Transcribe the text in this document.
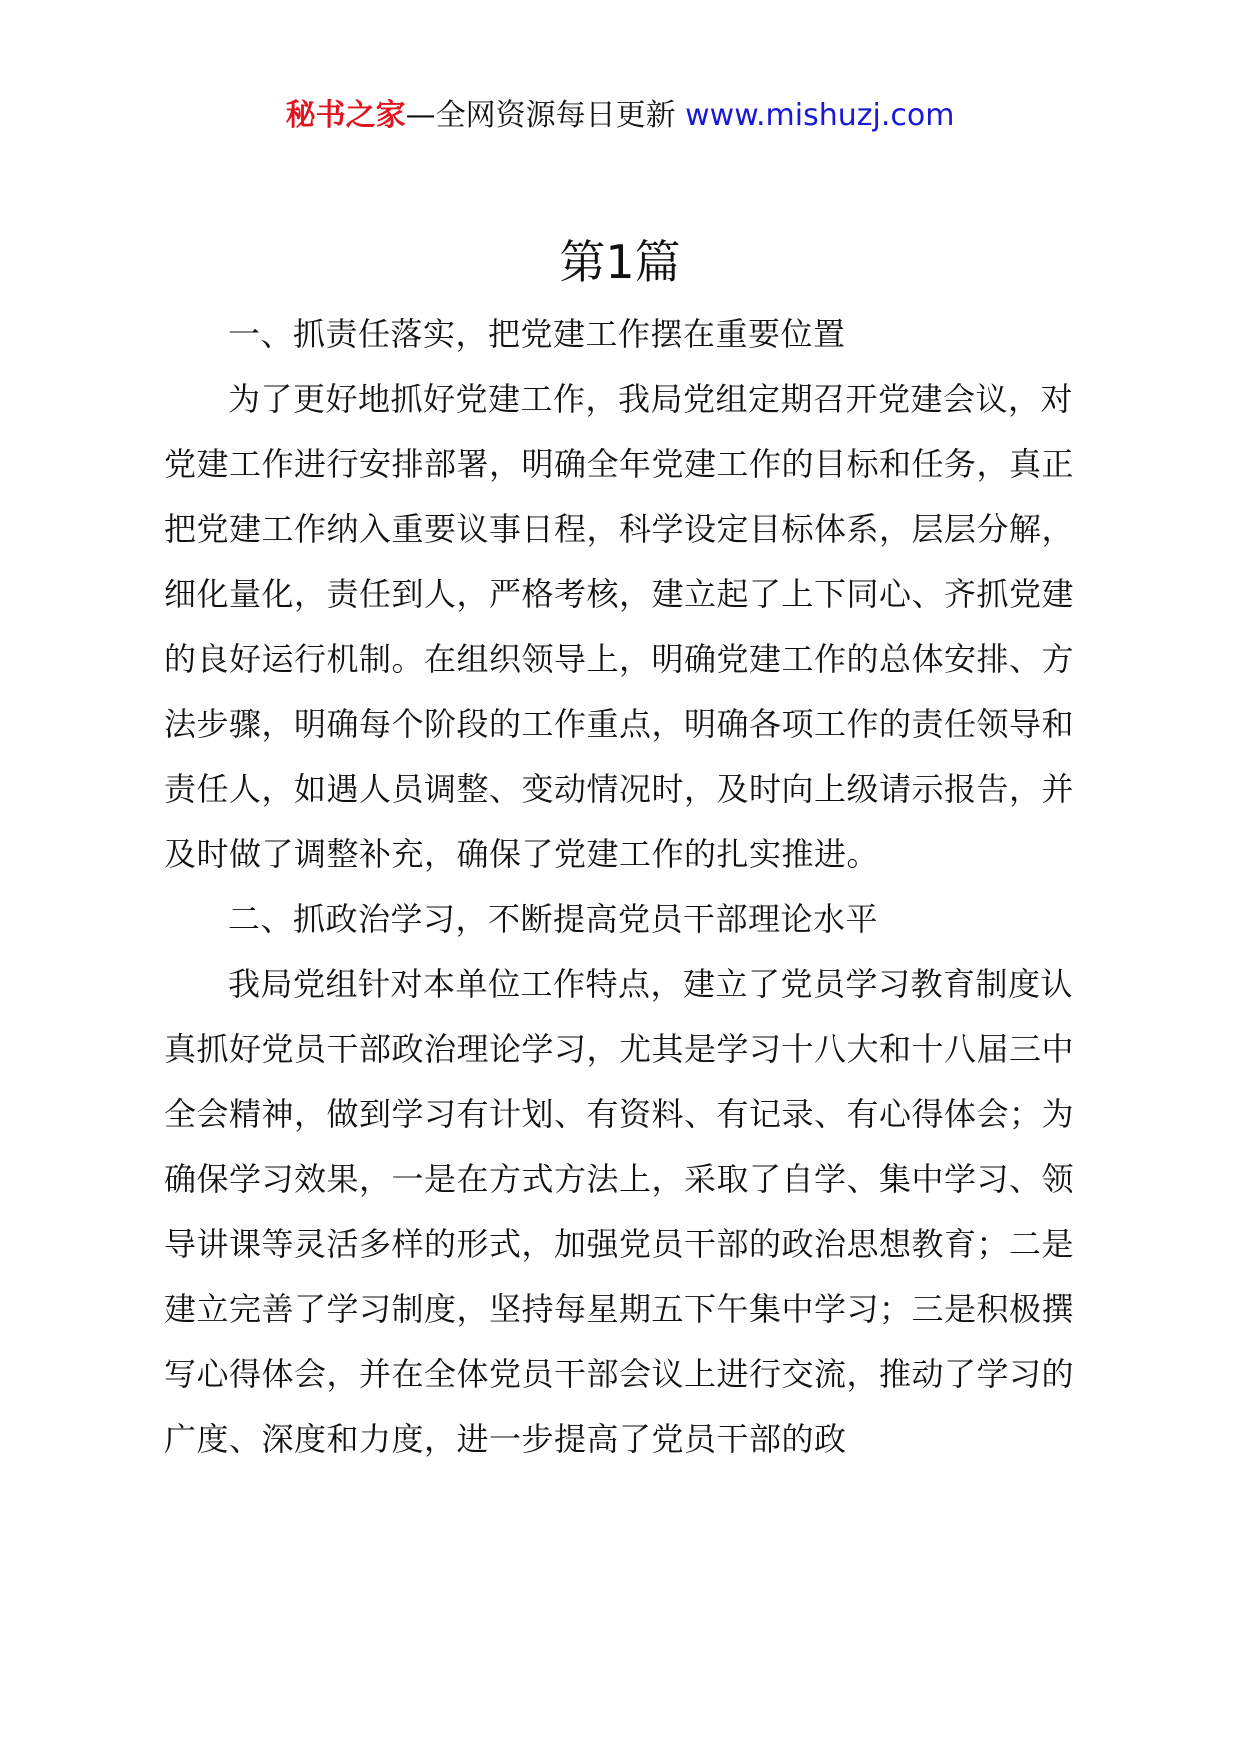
秘书之家—全网资源每日更新 www.mishuzj.com
第1篇

一、抓责任落实，把党建工作摆在重要位置

为了更好地抓好党建工作，我局党组定期召开党建会议，对党建工作进行安排部署，明确全年党建工作的目标和任务，真正把党建工作纳入重要议事日程，科学设定目标体系，层层分解，细化量化，责任到人，严格考核，建立起了上下同心、齐抓党建的良好运行机制。在组织领导上，明确党建工作的总体安排、方法步骤，明确每个阶段的工作重点，明确各项工作的责任领导和责任人，如遇人员调整、变动情况时，及时向上级请示报告，并及时做了调整补充，确保了党建工作的扎实推进。

二、抓政治学习，不断提高党员干部理论水平

我局党组针对本单位工作特点，建立了党员学习教育制度认真抓好党员干部政治理论学习，尤其是学习十八大和十八届三中全会精神，做到学习有计划、有资料、有记录、有心得体会；为确保学习效果，一是在方式方法上，采取了自学、集中学习、领导讲课等灵活多样的形式，加强党员干部的政治思想教育；二是建立完善了学习制度，坚持每星期五下午集中学习；三是积极撰写心得体会，并在全体党员干部会议上进行交流，推动了学习的广度、深度和力度，进一步提高了党员干部的政
